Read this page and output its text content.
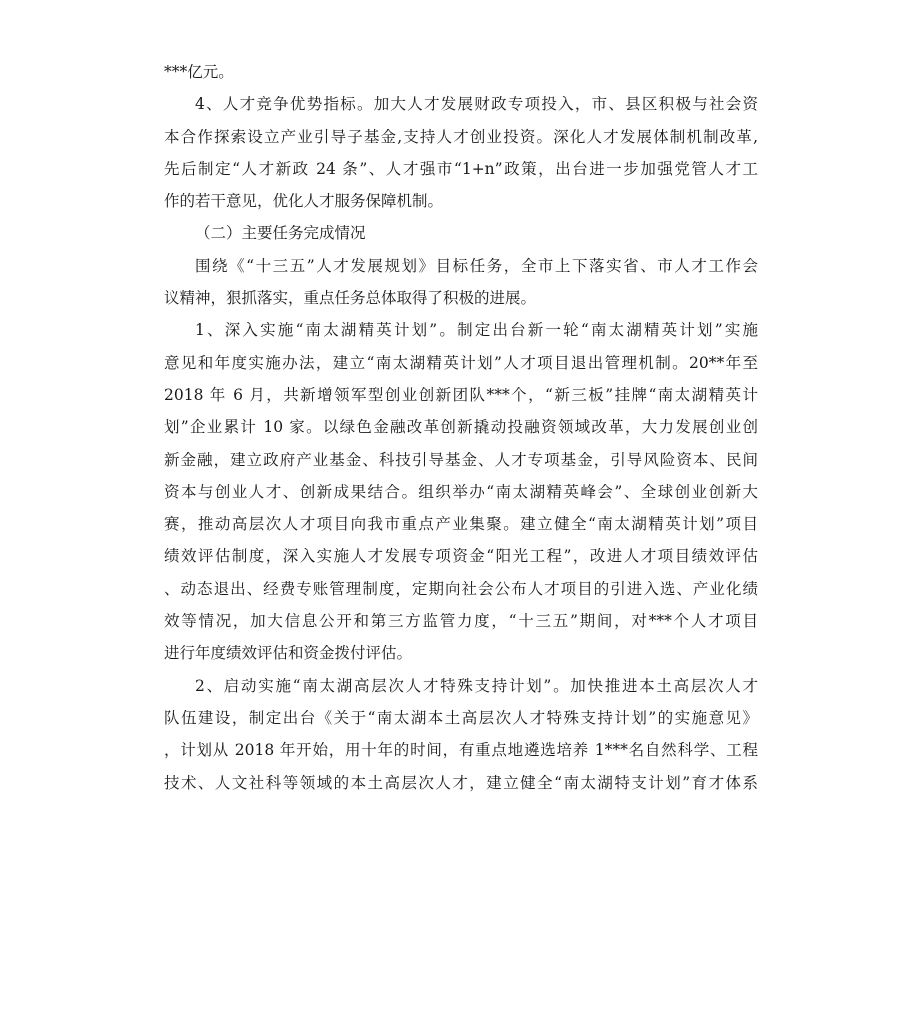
***亿元。
4、人才竞争优势指标。加大人才发展财政专项投入，市、县区积极与社会资
本合作探索设立产业引导子基金,支持人才创业投资。深化人才发展体制机制改革,
先后制定“人才新政 24 条”、人才强市“1+n”政策，出台进一步加强党管人才工
作的若干意见，优化人才服务保障机制。
（二）主要任务完成情况
围绕《“十三五”人才发展规划》目标任务，全市上下落实省、市人才工作会
议精神，狠抓落实，重点任务总体取得了积极的进展。
1、深入实施“南太湖精英计划”。制定出台新一轮“南太湖精英计划”实施
意见和年度实施办法，建立“南太湖精英计划”人才项目退出管理机制。20**年至
2018 年 6 月，共新增领军型创业创新团队***个，“新三板”挂牌“南太湖精英计
划”企业累计 10 家。以绿色金融改革创新撬动投融资领域改革，大力发展创业创
新金融，建立政府产业基金、科技引导基金、人才专项基金，引导风险资本、民间
资本与创业人才、创新成果结合。组织举办“南太湖精英峰会”、全球创业创新大
赛，推动高层次人才项目向我市重点产业集聚。建立健全“南太湖精英计划”项目
绩效评估制度，深入实施人才发展专项资金“阳光工程”，改进人才项目绩效评估
、动态退出、经费专账管理制度，定期向社会公布人才项目的引进入选、产业化绩
效等情况，加大信息公开和第三方监管力度，“十三五”期间，对***个人才项目
进行年度绩效评估和资金拨付评估。
2、启动实施“南太湖高层次人才特殊支持计划”。加快推进本土高层次人才
队伍建设，制定出台《关于“南太湖本土高层次人才特殊支持计划”的实施意见》
，计划从 2018 年开始，用十年的时间，有重点地遴选培养 1***名自然科学、工程
技术、人文社科等领域的本土高层次人才，建立健全“南太湖特支计划”育才体系
